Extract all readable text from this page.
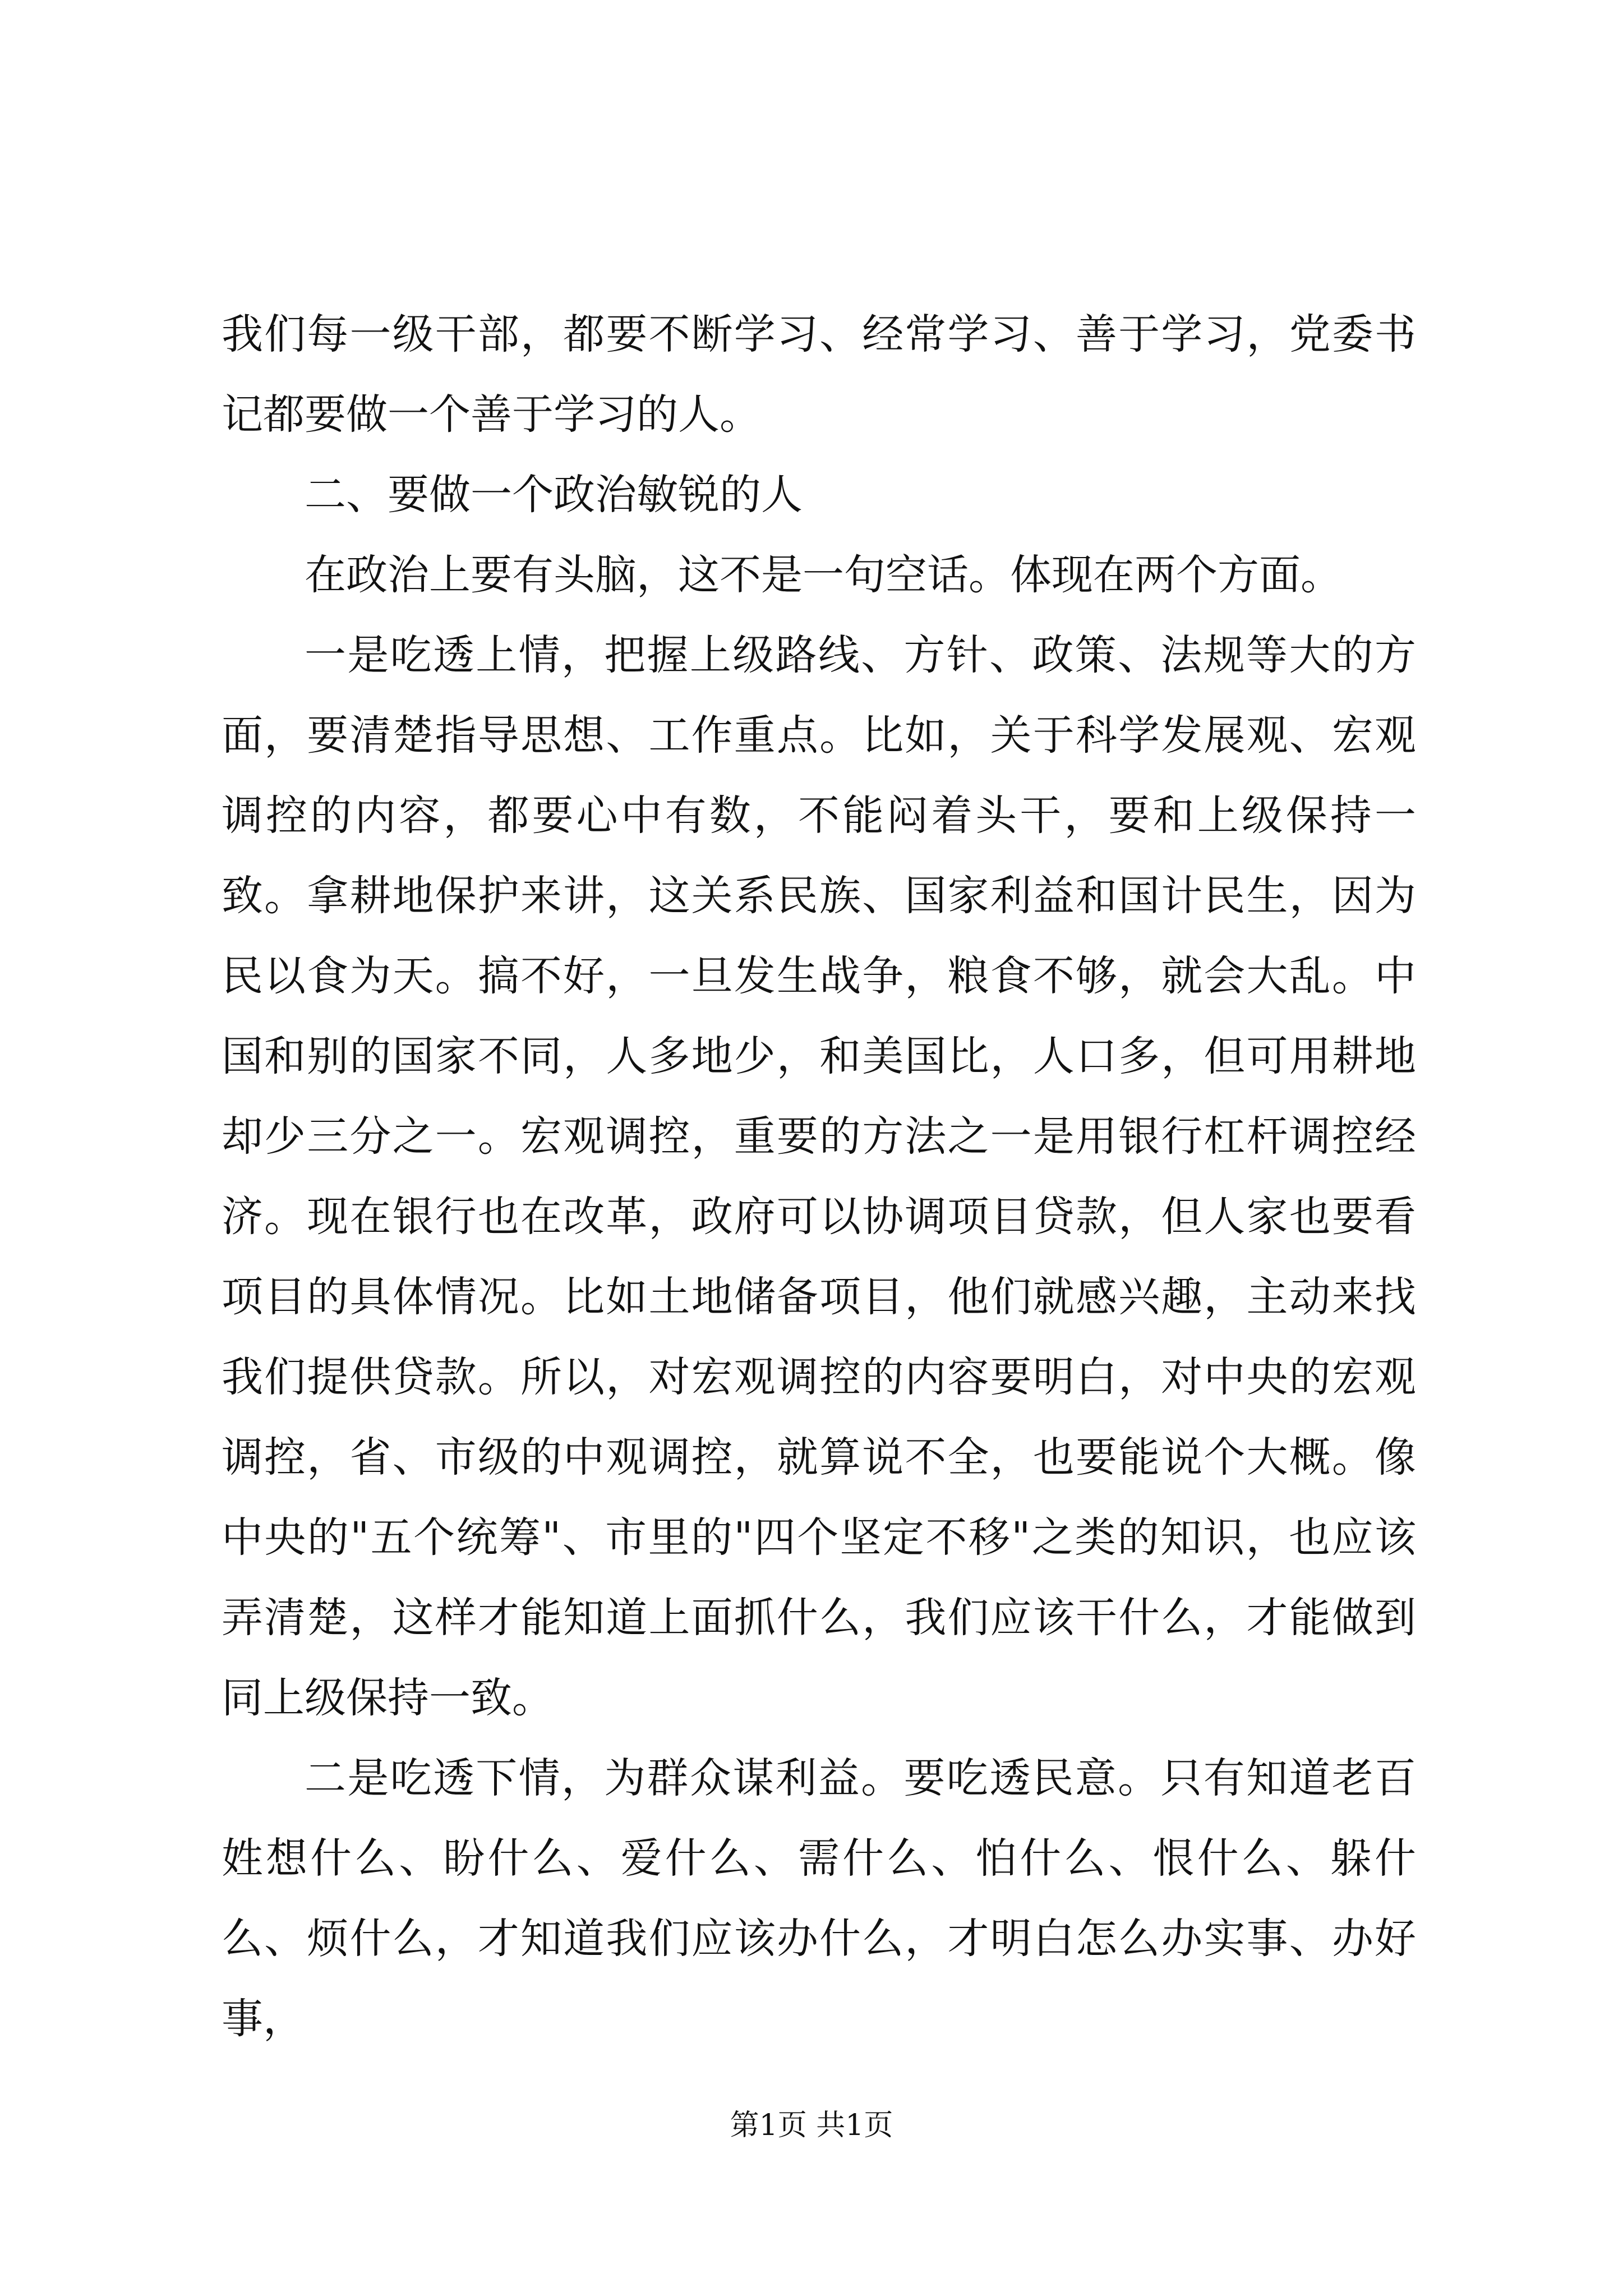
我们每一级干部，都要不断学习、经常学习、善于学习，党委书记都要做一个善于学习的人。

二、要做一个政治敏锐的人

在政治上要有头脑，这不是一句空话。体现在两个方面。

一是吃透上情，把握上级路线、方针、政策、法规等大的方面，要清楚指导思想、工作重点。比如，关于科学发展观、宏观调控的内容，都要心中有数，不能闷着头干，要和上级保持一致。拿耕地保护来讲，这关系民族、国家利益和国计民生，因为民以食为天。搞不好，一旦发生战争，粮食不够，就会大乱。中国和别的国家不同，人多地少，和美国比，人口多，但可用耕地却少三分之一。宏观调控，重要的方法之一是用银行杠杆调控经济。现在银行也在改革，政府可以协调项目贷款，但人家也要看项目的具体情况。比如土地储备项目，他们就感兴趣，主动来找我们提供贷款。所以，对宏观调控的内容要明白，对中央的宏观调控，省、市级的中观调控，就算说不全，也要能说个大概。像中央的"五个统筹"、市里的"四个坚定不移"之类的知识，也应该弄清楚，这样才能知道上面抓什么，我们应该干什么，才能做到同上级保持一致。

二是吃透下情，为群众谋利益。要吃透民意。只有知道老百姓想什么、盼什么、爱什么、需什么、怕什么、恨什么、躲什么、烦什么，才知道我们应该办什么，才明白怎么办实事、办好事，

第1页 共1页
